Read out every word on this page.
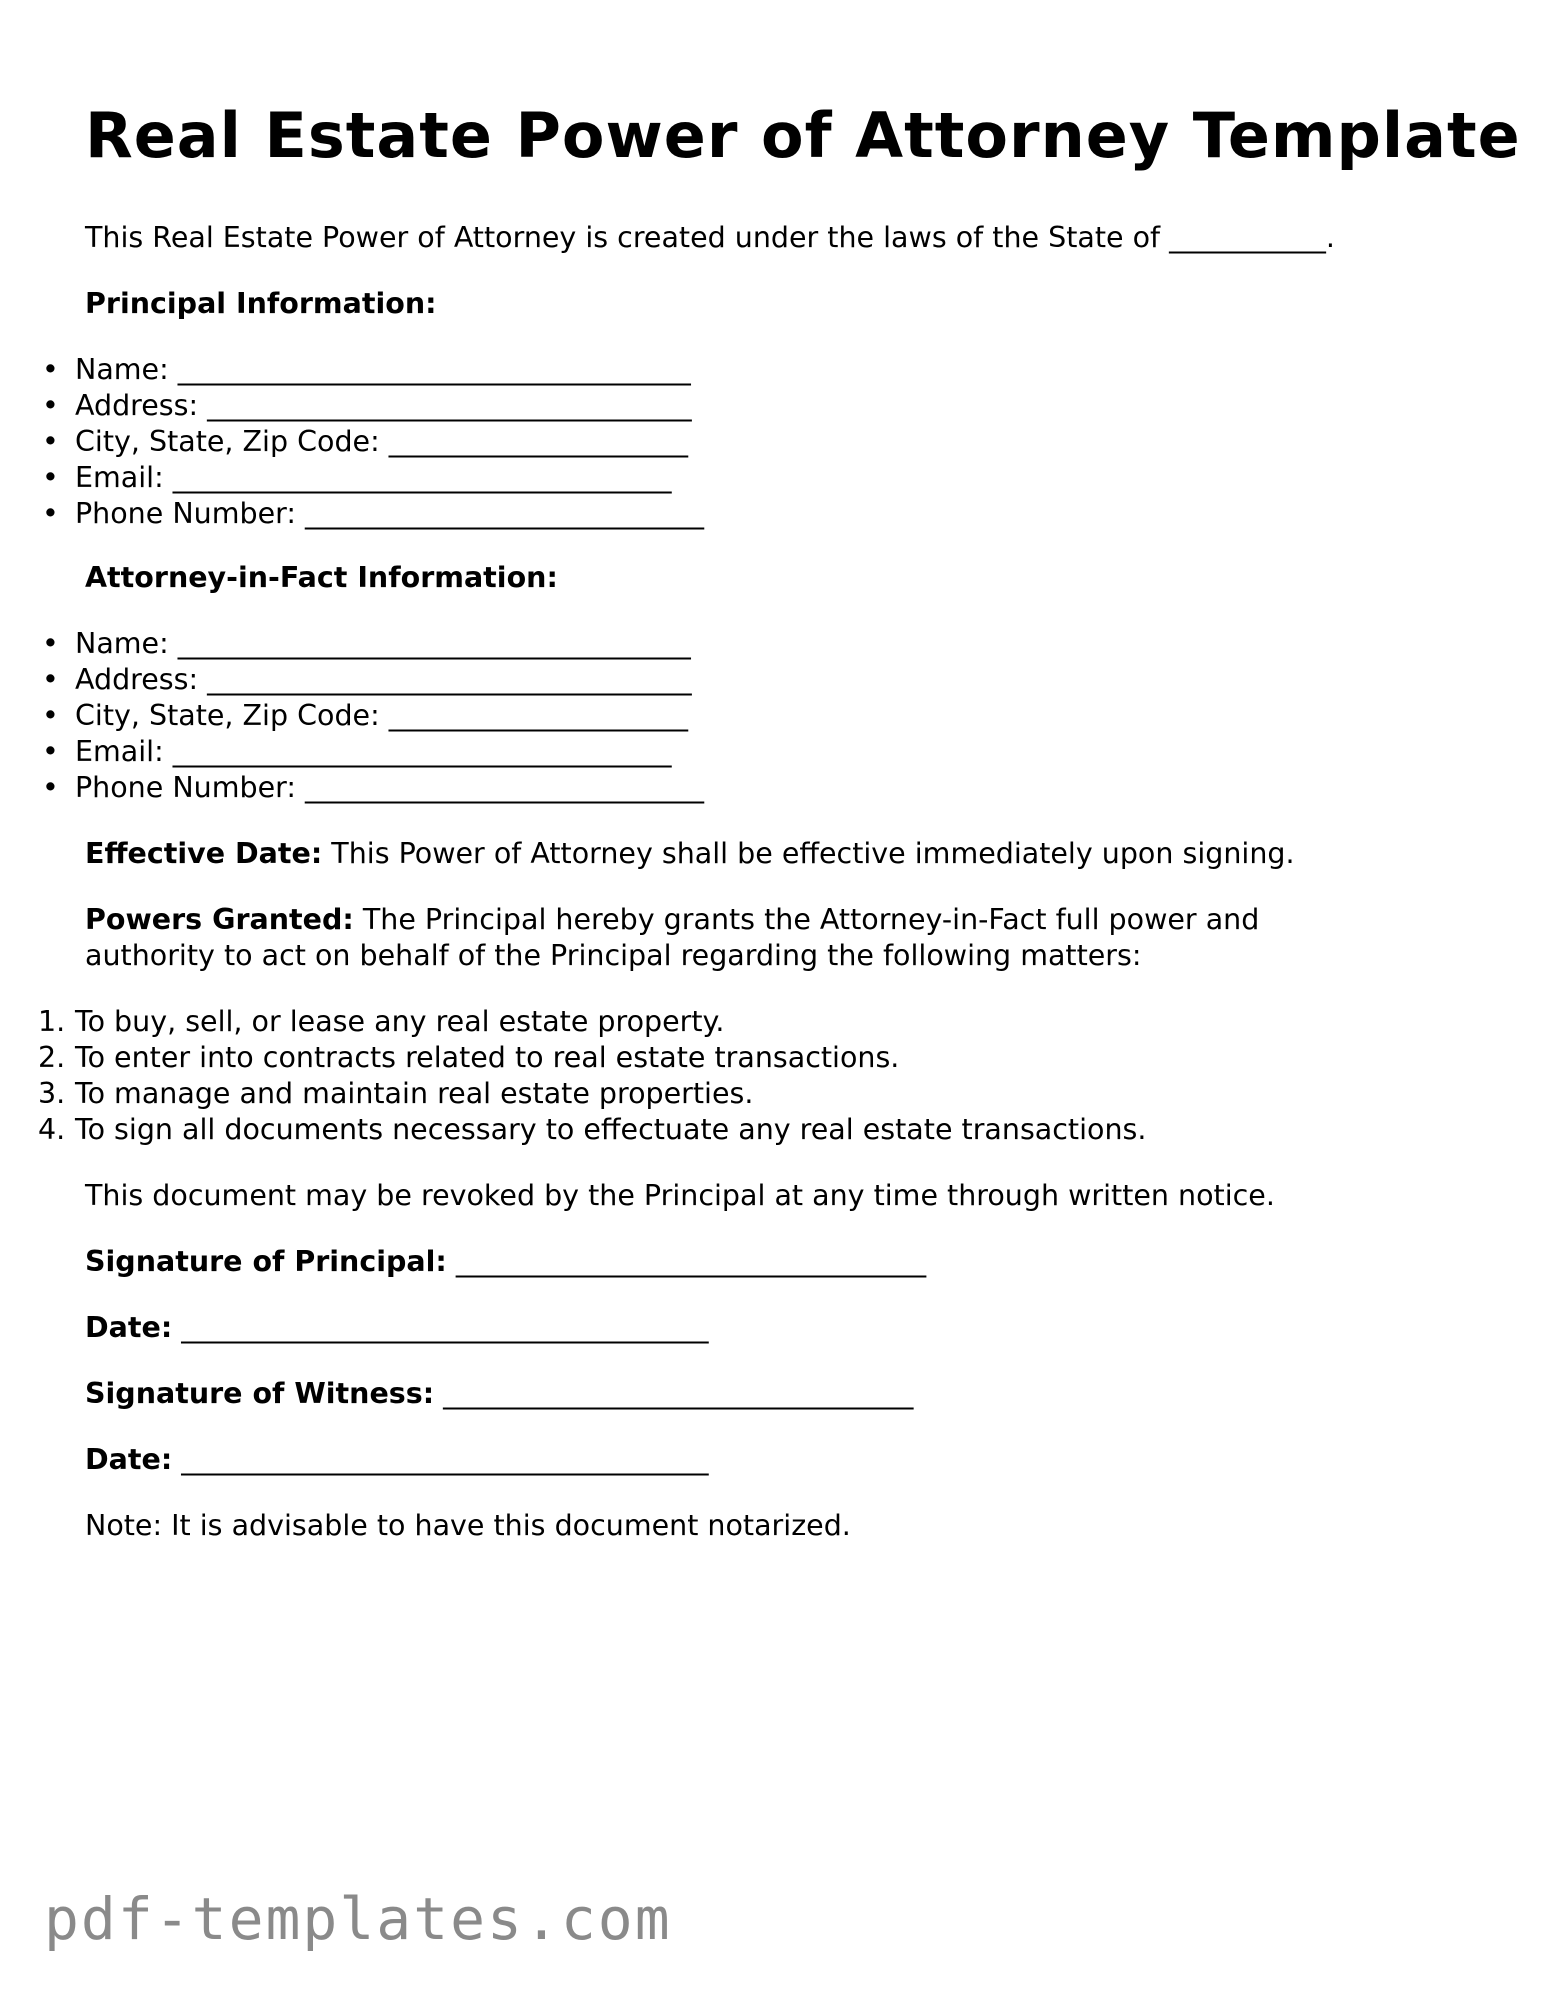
Real Estate Power of Attorney Template

This Real Estate Power of Attorney is created under the laws of the State of ___________.

Principal Information:

• Name: ____________________________________
• Address: __________________________________
• City, State, Zip Code: _____________________
• Email: ___________________________________
• Phone Number: ____________________________

Attorney-in-Fact Information:

• Name: ____________________________________
• Address: __________________________________
• City, State, Zip Code: _____________________
• Email: ___________________________________
• Phone Number: ____________________________

Effective Date: This Power of Attorney shall be effective immediately upon signing.

Powers Granted: The Principal hereby grants the Attorney-in-Fact full power and
authority to act on behalf of the Principal regarding the following matters:

1. To buy, sell, or lease any real estate property.
2. To enter into contracts related to real estate transactions.
3. To manage and maintain real estate properties.
4. To sign all documents necessary to effectuate any real estate transactions.

This document may be revoked by the Principal at any time through written notice.

Signature of Principal: _________________________________

Date: _____________________________________

Signature of Witness: _________________________________

Date: _____________________________________

Note: It is advisable to have this document notarized.

pdf-templates.com
